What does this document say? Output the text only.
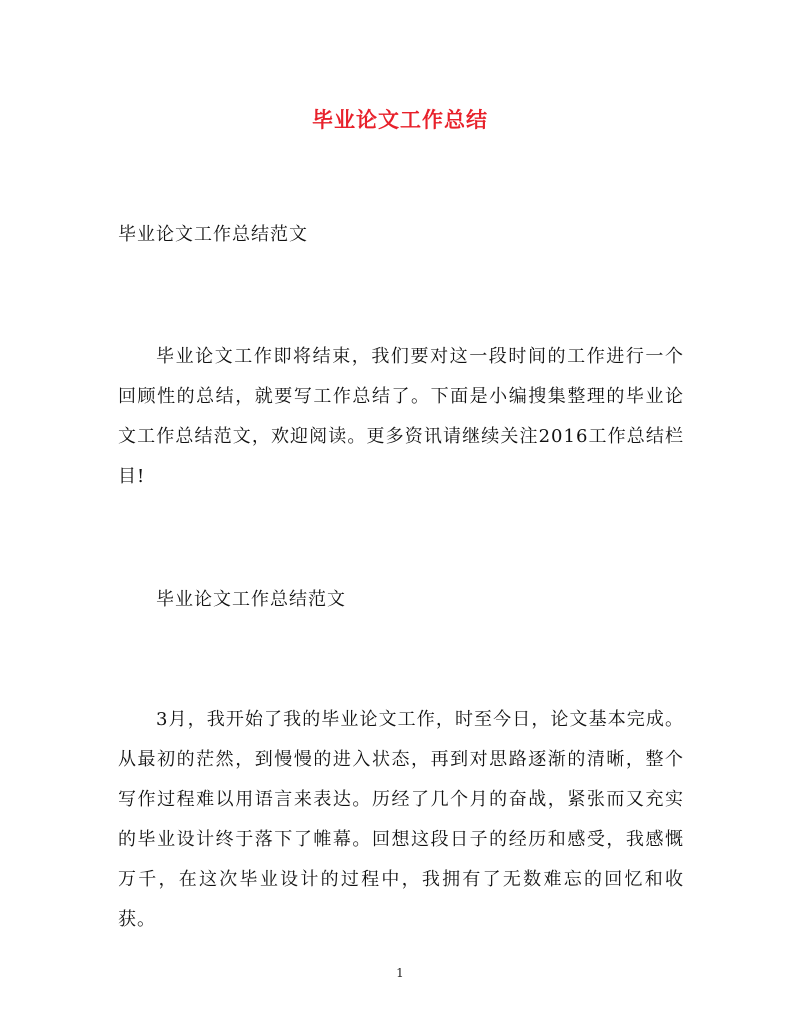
毕业论文工作总结
毕业论文工作总结范文

毕业论文工作即将结束，我们要对这一段时间的工作进行一个回顾性的总结，就要写工作总结了。下面是小编搜集整理的毕业论文工作总结范文，欢迎阅读。更多资讯请继续关注2016工作总结栏目!

毕业论文工作总结范文

3月，我开始了我的毕业论文工作，时至今日，论文基本完成。从最初的茫然，到慢慢的进入状态，再到对思路逐渐的清晰，整个写作过程难以用语言来表达。历经了几个月的奋战，紧张而又充实的毕业设计终于落下了帷幕。回想这段日子的经历和感受，我感慨万千，在这次毕业设计的过程中，我拥有了无数难忘的回忆和收获。

1
